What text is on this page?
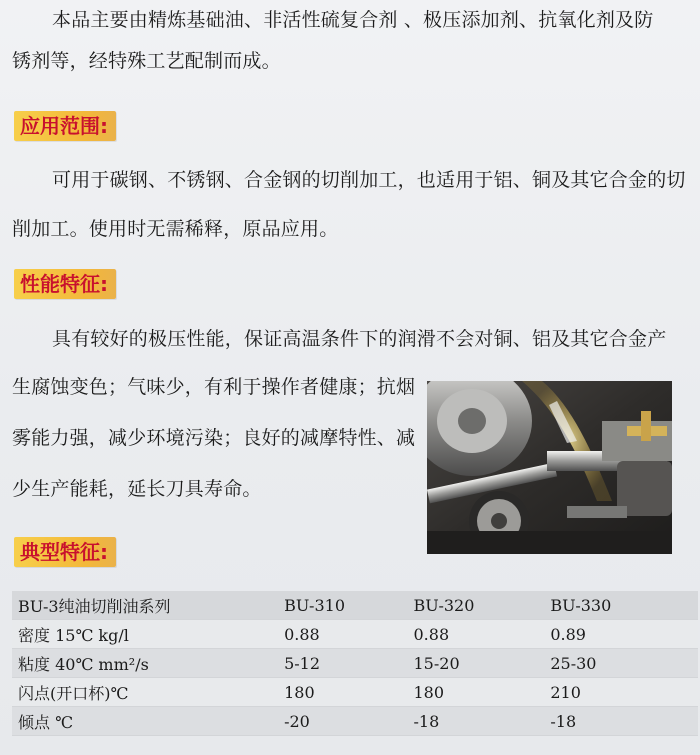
本品主要由精炼基础油、非活性硫复合剂 、极压添加剂、抗氧化剂及防
锈剂等，经特殊工艺配制而成。
应用范围:
可用于碳钢、不锈钢、合金钢的切削加工，也适用于铝、铜及其它合金的切
削加工。使用时无需稀释，原品应用。
性能特征:
具有较好的极压性能，保证高温条件下的润滑不会对铜、铝及其它合金产
生腐蚀变色；气味少，有利于操作者健康；抗烟
雾能力强，减少环境污染；良好的减摩特性、减
少生产能耗，延长刀具寿命。
典型特征:
BU-3纯油切削油系列	BU-310	BU-320	BU-330
密度 15℃ kg/l	0.88	0.88	0.89
粘度 40℃ mm²/s	5-12	15-20	25-30
闪点(开口杯)℃	180	180	210
倾点 ℃	-20	-18	-18
